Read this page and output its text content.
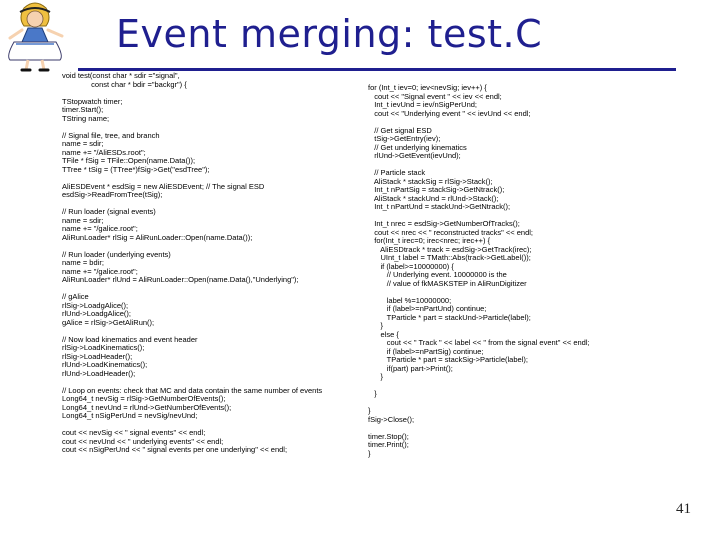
Event merging: test.C
void test(const char * sdir ="signal",
const char * bdir ="backgr") {

TStopwatch timer;
timer.Start();
TString name;

// Signal file, tree, and branch
name = sdir;
name += "/AliESDs.root";
TFile * fSig = TFile::Open(name.Data());
TTree * tSig = (TTree*)fSig->Get("esdTree");

AliESDEvent * esdSig = new AliESDEvent; // The signal ESD
esdSig->ReadFromTree(tSig);

// Run loader (signal events)
name = sdir;
name += "/galice.root";
AliRunLoader* rlSig = AliRunLoader::Open(name.Data());

// Run loader (underlying events)
name = bdir;
name += "/galice.root";
AliRunLoader* rlUnd = AliRunLoader::Open(name.Data(),"Underlying");

// gAlice
rlSig->LoadgAlice();
rlUnd->LoadgAlice();
gAlice = rlSig->GetAliRun();

// Now load kinematics and event header
rlSig->LoadKinematics();
rlSig->LoadHeader();
rlUnd->LoadKinematics();
rlUnd->LoadHeader();

// Loop on events: check that MC and data contain the same number of events
Long64_t nevSig = rlSig->GetNumberOfEvents();
Long64_t nevUnd = rlUnd->GetNumberOfEvents();
Long64_t nSigPerUnd = nevSig/nevUnd;

cout << nevSig << " signal events" << endl;
cout << nevUnd << " underlying events" << endl;
cout << nSigPerUnd << " signal events per one underlying" << endl;

for (Int_t iev=0; iev<nevSig; iev++) {
cout << "Signal event " << iev << endl;
Int_t ievUnd = iev/nSigPerUnd;
cout << "Underlying event " << ievUnd << endl;

// Get signal ESD
tSig->GetEntry(iev);
// Get underlying kinematics
rlUnd->GetEvent(ievUnd);

// Particle stack
AliStack * stackSig = rlSig->Stack();
Int_t nPartSig = stackSig->GetNtrack();
AliStack * stackUnd = rlUnd->Stack();
Int_t nPartUnd = stackUnd->GetNtrack();

Int_t nrec = esdSig->GetNumberOfTracks();
cout << nrec << " reconstructed tracks" << endl;
for(Int_t irec=0; irec<nrec; irec++) {
AliESDtrack * track = esdSig->GetTrack(irec);
UInt_t label = TMath::Abs(track->GetLabel());
if (label>=10000000) {
// Underlying event. 10000000 is the
// value of fkMASKSTEP in AliRunDigitizer

label %=10000000;
if (label>=nPartUnd) continue;
TParticle * part = stackUnd->Particle(label);
}
else {
cout << " Track " << label << " from the signal event" << endl;
if (label>=nPartSig) continue;
TParticle * part = stackSig->Particle(label);
if(part) part->Print();
}

}

}
fSig->Close();

timer.Stop();
timer.Print();
}

41
